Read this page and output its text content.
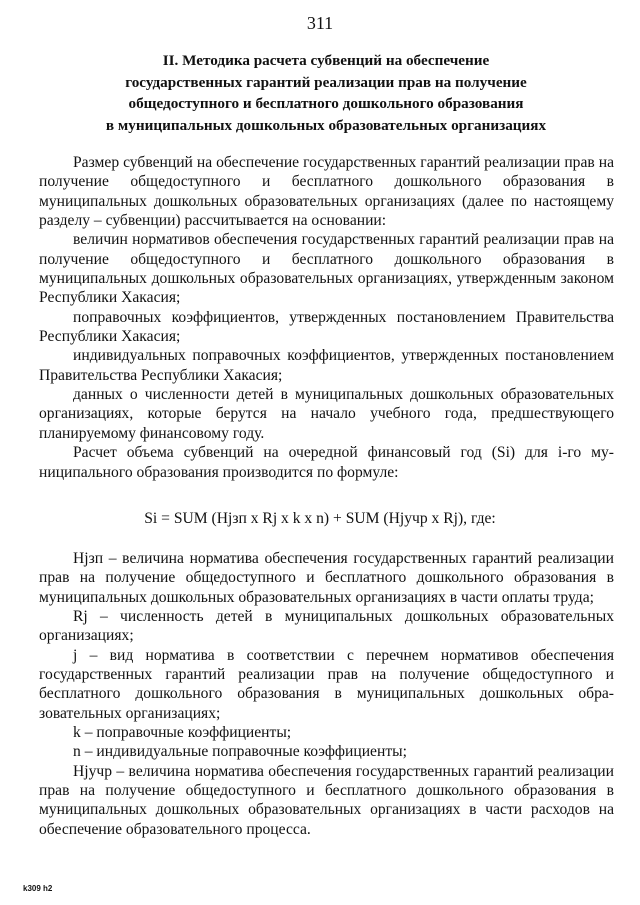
311
II. Методика расчета субвенций на обеспечение
государственных гарантий реализации прав на получение
общедоступного и бесплатного дошкольного образования
в муниципальных дошкольных образовательных организациях

Размер субвенций на обеспечение государственных гарантий реализации прав на получение общедоступного и бесплатного дошкольного образования в муниципальных дошкольных образовательных организациях (далее по настоящему разделу – субвенции) рассчитывается на основании:

величин нормативов обеспечения государственных гарантий реализации прав на получение общедоступного и бесплатного дошкольного образования в муниципальных дошкольных образовательных организациях, утвержденным законом Республики Хакасия;

поправочных коэффициентов, утвержденных постановлением Правительства Республики Хакасия;

индивидуальных поправочных коэффициентов, утвержденных постановлением Правительства Республики Хакасия;

данных о численности детей в муниципальных дошкольных образовательных организациях, которые берутся на начало учебного года, предшествующего планируемому финансовому году.

Расчет объема субвенций на очередной финансовый год (Si) для i-го муниципального образования производится по формуле:

Si = SUM (Hjзп x Rj x k x n) + SUM (Hjучр x Rj), где:

Hjзп – величина норматива обеспечения государственных гарантий реализации прав на получение общедоступного и бесплатного дошкольного образования в муниципальных дошкольных образовательных организациях в части оплаты труда;

Rj – численность детей в муниципальных дошкольных образовательных организациях;

j – вид норматива в соответствии с перечнем нормативов обеспечения государственных гарантий реализации прав на получение общедоступного и бесплатного дошкольного образования в муниципальных дошкольных образовательных организациях;

k – поправочные коэффициенты;

n – индивидуальные поправочные коэффициенты;

Hjучр – величина норматива обеспечения государственных гарантий реализации прав на получение общедоступного и бесплатного дошкольного образования в муниципальных дошкольных образовательных организациях в части расходов на обеспечение образовательного процесса.

k309 h2
